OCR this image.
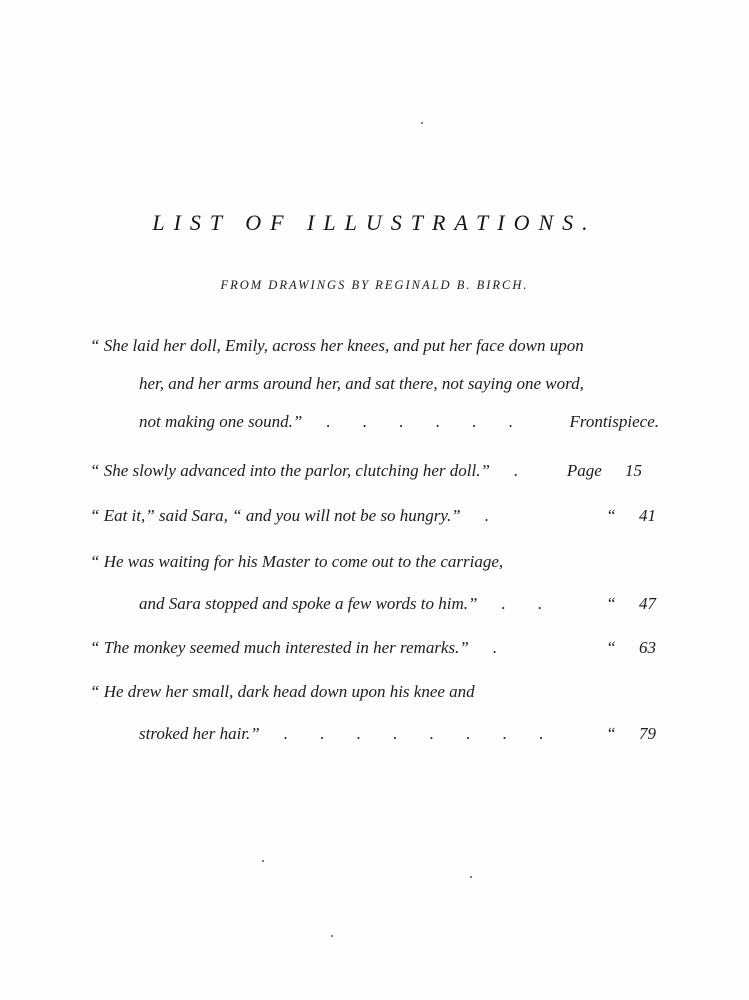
LIST OF ILLUSTRATIONS.
FROM DRAWINGS BY REGINALD B. BIRCH.
“ She laid her doll, Emily, across her knees, and put her face down upon
her, and her arms around her, and sat there, not saying one word,
not making one sound.”	. . . . . .	Frontispiece.
“ She slowly advanced into the parlor, clutching her doll.”	.	Page 15
“ Eat it,” said Sara, “ and you will not be so hungry.”	.	“ 41
“ He was waiting for his Master to come out to the carriage,
and Sara stopped and spoke a few words to him.”	. .	“ 47
“ The monkey seemed much interested in her remarks.”	.	“ 63
“ He drew her small, dark head down upon his knee and
stroked her hair.”	. . . . . . . .	“ 79
